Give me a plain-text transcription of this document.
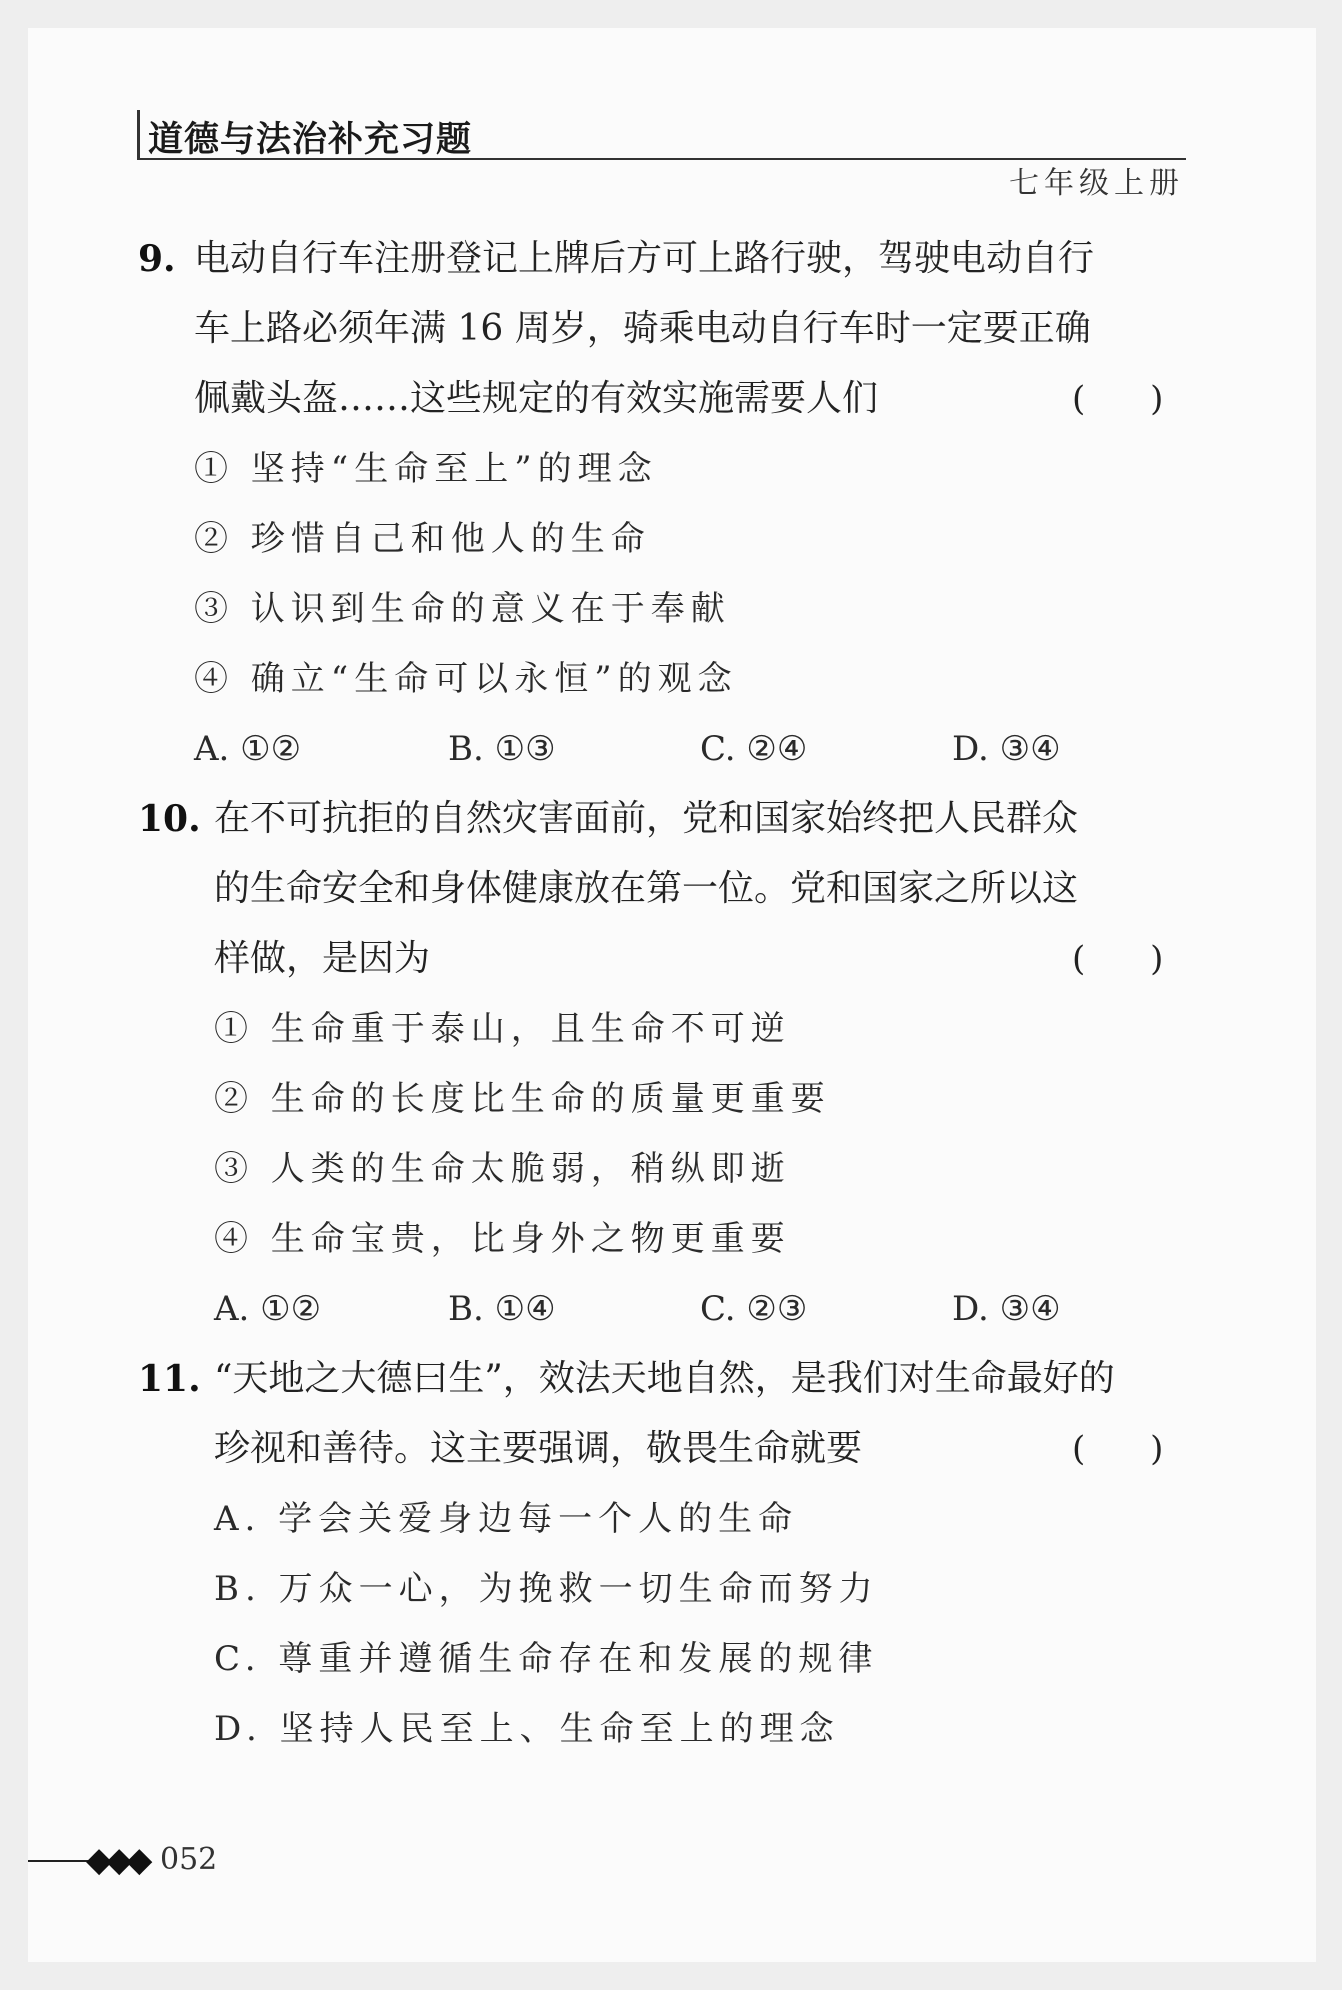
道德与法治补充习题
七年级上册
9. 电动自行车注册登记上牌后方可上路行驶，驾驶电动自行
车上路必须年满 16 周岁，骑乘电动自行车时一定要正确
佩戴头盔……这些规定的有效实施需要人们	(      )
① 坚持“生命至上”的理念
② 珍惜自己和他人的生命
③ 认识到生命的意义在于奉献
④ 确立“生命可以永恒”的观念
A. ①②	B. ①③	C. ②④	D. ③④
10. 在不可抗拒的自然灾害面前，党和国家始终把人民群众
的生命安全和身体健康放在第一位。党和国家之所以这
样做，是因为	(      )
① 生命重于泰山，且生命不可逆
② 生命的长度比生命的质量更重要
③ 人类的生命太脆弱，稍纵即逝
④ 生命宝贵，比身外之物更重要
A. ①②	B. ①④	C. ②③	D. ③④
11. “天地之大德曰生”，效法天地自然，是我们对生命最好的
珍视和善待。这主要强调，敬畏生命就要	(      )
A. 学会关爱身边每一个人的生命
B. 万众一心，为挽救一切生命而努力
C. 尊重并遵循生命存在和发展的规律
D. 坚持人民至上、生命至上的理念
◆◆◆ 052
